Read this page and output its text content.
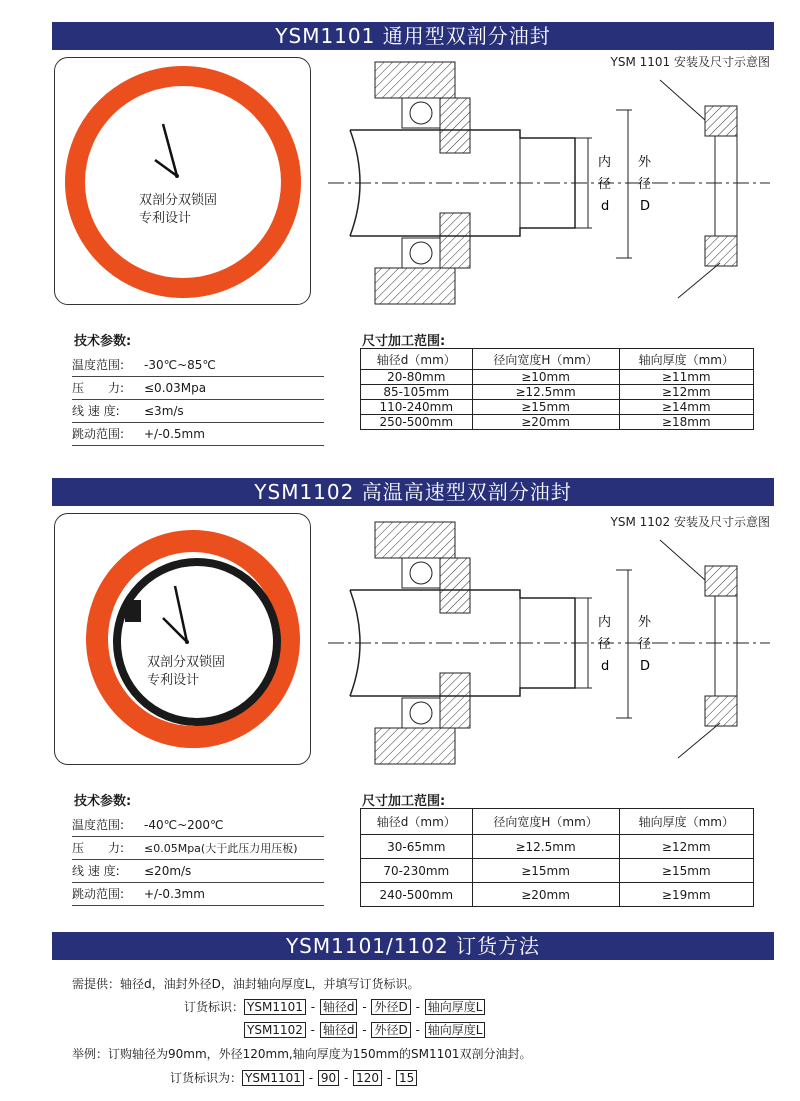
YSM1101 通用型双剖分油封
YSM 1101 安装及尺寸示意图
双剖分双锁固
专利设计
内
径
d
外
径
D
技术参数:
温度范围: -30℃~85℃
压　　力: ≤0.03Mpa
线 速 度: ≤3m/s
跳动范围: +/-0.5mm
尺寸加工范围:
轴径d（mm）	径向宽度H（mm）	轴向厚度（mm）
20-80mm	≥10mm	≥11mm
85-105mm	≥12.5mm	≥12mm
110-240mm	≥15mm	≥14mm
250-500mm	≥20mm	≥18mm
YSM1102 高温高速型双剖分油封
YSM 1102 安装及尺寸示意图
双剖分双锁固
专利设计
内
径
d
外
径
D
技术参数:
温度范围: -40℃~200℃
压　　力: ≤0.05Mpa(大于此压力用压板)
线 速 度: ≤20m/s
跳动范围: +/-0.3mm
尺寸加工范围:
轴径d（mm）	径向宽度H（mm）	轴向厚度（mm）
30-65mm	≥12.5mm	≥12mm
70-230mm	≥15mm	≥15mm
240-500mm	≥20mm	≥19mm
YSM1101/1102 订货方法
需提供：轴径d，油封外径D，油封轴向厚度L，并填写订货标识。
订货标识： YSM1101 - 轴径d - 外径D - 轴向厚度L
YSM1102 - 轴径d - 外径D - 轴向厚度L
举例：订购轴径为90mm，外径120mm,轴向厚度为150mm的SM1101双剖分油封。
订货标识为： YSM1101 - 90 - 120 - 15
